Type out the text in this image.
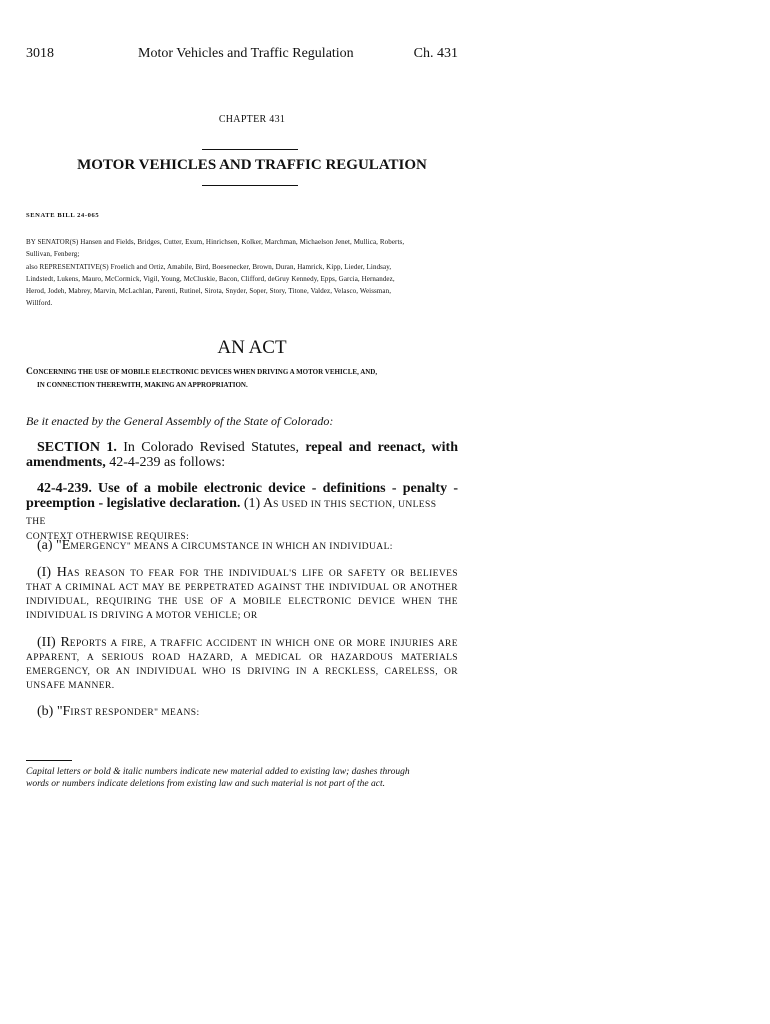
3018	Motor Vehicles and Traffic Regulation	Ch. 431
CHAPTER 431
MOTOR VEHICLES AND TRAFFIC REGULATION
SENATE BILL 24-065
BY SENATOR(S) Hansen and Fields, Bridges, Cutter, Exum, Hinrichsen, Kolker, Marchman, Michaelson Jenet, Mullica, Roberts,
Sullivan, Fenberg;
also REPRESENTATIVE(S) Froelich and Ortiz, Amabile, Bird, Boesenecker, Brown, Duran, Hamrick, Kipp, Lieder, Lindsay,
Lindstedt, Lukens, Mauro, McCormick, Vigil, Young, McCluskie, Bacon, Clifford, deGruy Kennedy, Epps, Garcia, Hernandez,
Herod, Jodeh, Mabrey, Marvin, McLachlan, Parenti, Rutinel, Sirota, Snyder, Soper, Story, Titone, Valdez, Velasco, Weissman,
Willford.
AN ACT
CONCERNING THE USE OF MOBILE ELECTRONIC DEVICES WHEN DRIVING A MOTOR VEHICLE, AND,
IN CONNECTION THEREWITH, MAKING AN APPROPRIATION.
Be it enacted by the General Assembly of the State of Colorado:
SECTION 1. In Colorado Revised Statutes, repeal and reenact, with
amendments, 42-4-239 as follows:
42-4-239. Use of a mobile electronic device - definitions - penalty -
preemption - legislative declaration. (1) AS USED IN THIS SECTION, UNLESS THE
CONTEXT OTHERWISE REQUIRES:
(a) "EMERGENCY" MEANS A CIRCUMSTANCE IN WHICH AN INDIVIDUAL:
(I) HAS REASON TO FEAR FOR THE INDIVIDUAL'S LIFE OR SAFETY OR BELIEVES
THAT A CRIMINAL ACT MAY BE PERPETRATED AGAINST THE INDIVIDUAL OR ANOTHER
INDIVIDUAL, REQUIRING THE USE OF A MOBILE ELECTRONIC DEVICE WHEN THE
INDIVIDUAL IS DRIVING A MOTOR VEHICLE; OR
(II) REPORTS A FIRE, A TRAFFIC ACCIDENT IN WHICH ONE OR MORE INJURIES ARE
APPARENT, A SERIOUS ROAD HAZARD, A MEDICAL OR HAZARDOUS MATERIALS
EMERGENCY, OR AN INDIVIDUAL WHO IS DRIVING IN A RECKLESS, CARELESS, OR
UNSAFE MANNER.
(b) "FIRST RESPONDER" MEANS:
Capital letters or bold & italic numbers indicate new material added to existing law; dashes through
words or numbers indicate deletions from existing law and such material is not part of the act.
